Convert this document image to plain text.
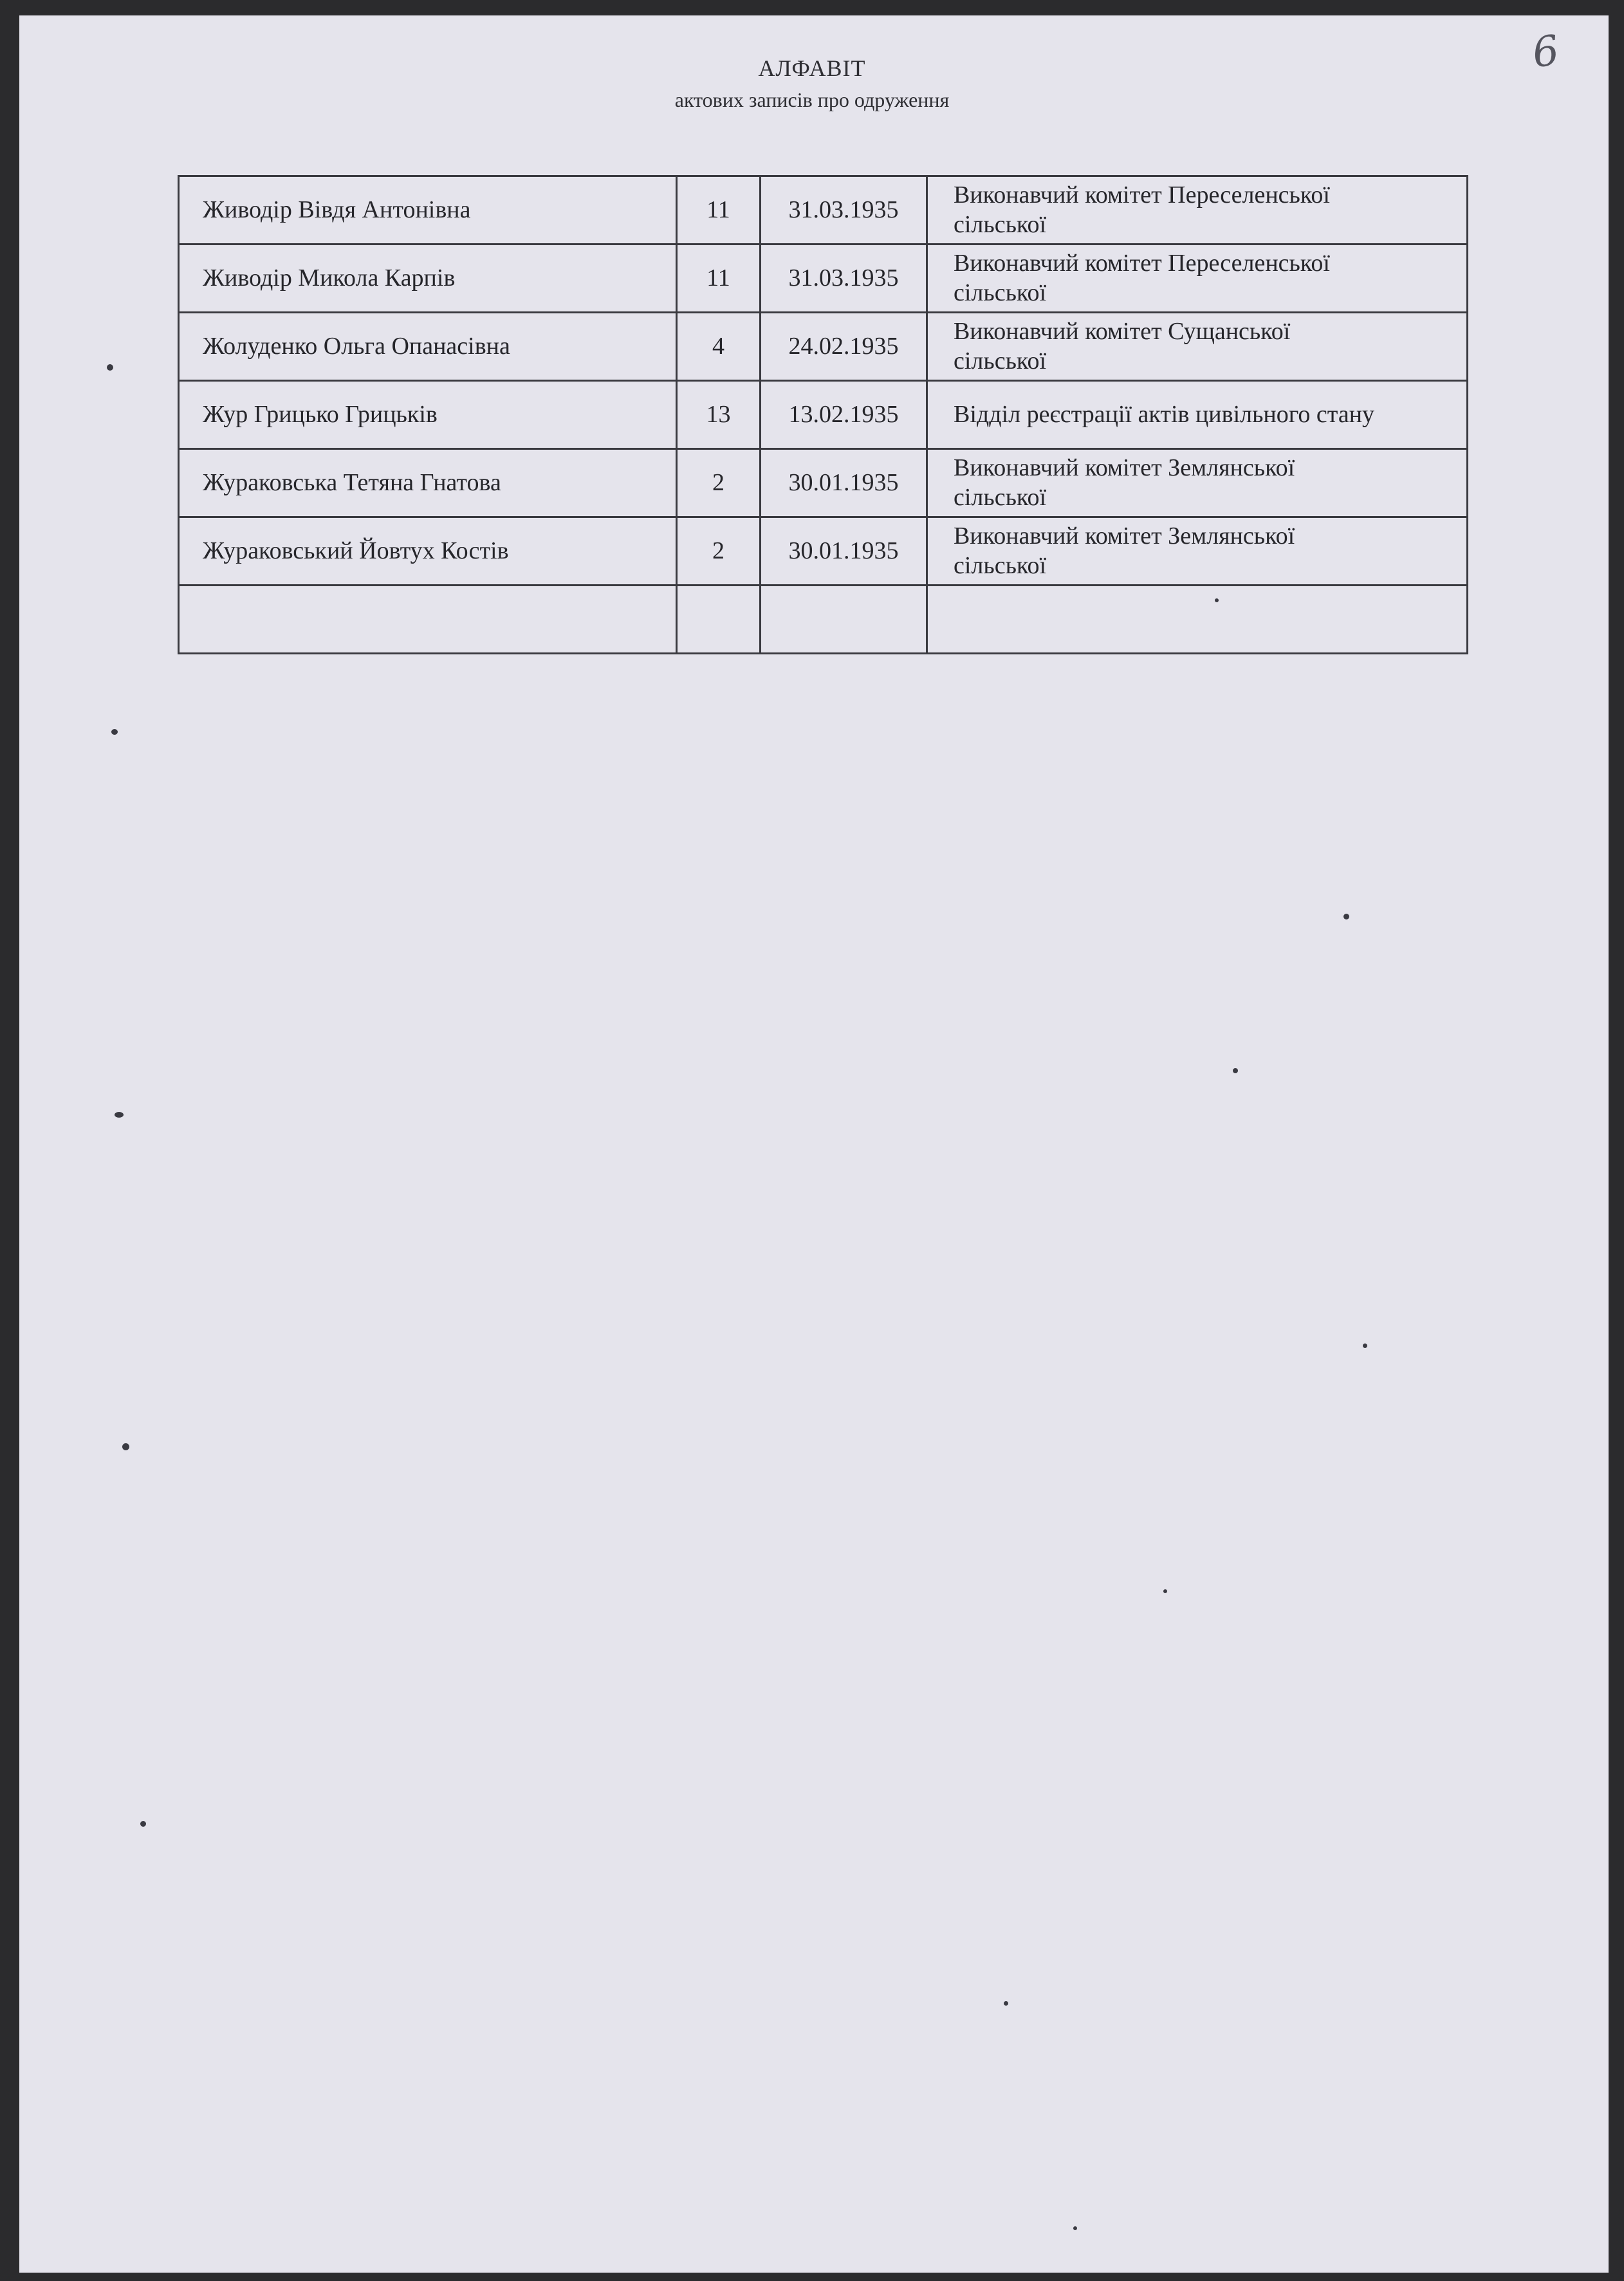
6
АЛФАВІТ
актових записів про одруження
Живодір Вівдя Антонівна	11	31.03.1935	Виконавчий комітет Переселенської
сільської

Живодір Микола Карпів	11	31.03.1935	Виконавчий комітет Переселенської
сільської

Жолуденко Ольга Опанасівна	4	24.02.1935	Виконавчий комітет Сущанської
сільської

Жур Грицько Грицьків	13	13.02.1935	Відділ реєстрації актів цивільного стану

Жураковська Тетяна Гнатова	2	30.01.1935	Виконавчий комітет Землянської
сільської

Жураковський Йовтух Костів	2	30.01.1935	Виконавчий комітет Землянської
сільської
